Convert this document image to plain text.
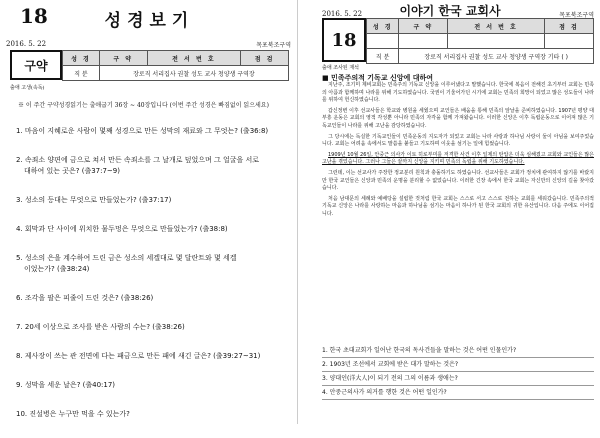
18	성경보기
2016. 5. 22	목포북조구역
구약	성 경	구 약	전 서 번 호	점 검
직 분	장로직 서리집사 권찰 성도 교사 청양생 구역장		
출애 고생(속독)
※ 이 주간 구약성경읽기는 출애굽기 36장 ~ 40장입니다 (이번 주간 성경은 빠짐없이 읽으세요)
1. 마음이 지혜로운 사람이 몇째 성경으로 만든 성막의 재료와 그 무엇는? (출36:8)
2. 속죄소 양편에 금으로 쳐서 만든 속죄소를 그 날개로 덮었으며 그 얼굴을 서로
대하여 있는 곳은? (출37:7~9)
3. 성소의 등대는 무엇으로 만들었는가? (출37:17)
4. 회막과 단 사이에 위치한 물두멍은 무엇으로 만들었는가? (출38:8)
5. 성소의 은을 계수하여 드린 금은 성소의 세겔대로 몇 달란트와 몇 세겔
이었는가? (출38:24)
6. 조각을 팔은 피줄이 드린 것은? (출38:26)
7. 20세 이상으로 조사를 받은 사람의 수는? (출38:26)
8. 제사장이 쓰는 관 전면에 다는 패금으로 만든 패에 새긴 글은? (출39:27~31)
9. 성막을 세운 날은? (출40:17)
10. 진설병은 누구만 먹을 수 있는가?
이야기 한국 교회사
2016. 5. 22	목포북조구역
18
성 경	구 약	전 서 번 호	점 검

직 분	장로직 서리집사 권찰 성도 교사 청양생 구역장 기타 ( )		
출애 조사된 재석
■ 민족주의적 기독교 신앙에 대하여

지난주, 조기미 제비교회는 민족주의 기독교 신앙을 이루어냈다고 말했습니다. 한국에 복음이 전해진 초기부터 교회는 민족의 아픔과 함께하며 나라를 위해 기도하였습니다. 국권이 기울어가던 시기에 교회는 민족의 희망이 되었고 많은 성도들이 나라를 위하여 헌신하였습니다.

갑신정변 이후 선교사들은 학교와 병원을 세웠으며 교인들은 배움을 통해 민족의 앞날을 준비하였습니다. 1907년 평양 대부흥 운동은 교회의 영적 각성뿐 아니라 민족의 자각을 함께 가져왔습니다. 이러한 신앙은 이후 독립운동으로 이어져 많은 기독교인들이 나라를 위해 고난을 감당하였습니다.

그 당시에는 독실한 기독교인들이 민족운동의 지도자가 되었고 교회는 나라 사랑과 하나님 사랑이 둘이 아님을 보여주었습니다. 교회는 어려움 속에서도 말씀을 붙들고 기도하며 이웃을 섬기는 일에 힘썼습니다.

1909년 10월 26일, 안중근 의사가 이토 히로부미를 저격한 사건 이후 일제의 탄압은 더욱 심해졌고 교회와 교인들은 많은 고난을 겪었습니다. 그러나 그들은 끝까지 신앙을 지키며 민족의 독립을 위해 기도하였습니다.

그런데, 이는 선교사가 주장한 정교분리 원칙과 충돌하기도 하였습니다. 선교사들은 교회가 정치에 관여하지 않기를 바랐지만 한국 교인들은 신앙과 민족의 운명을 분리할 수 없었습니다. 이러한 긴장 속에서 한국 교회는 자신만의 신앙의 길을 찾아갔습니다.

처음 남대문의 세례와 예배당을 설립한 것처럼 한국 교회는 스스로 서고 스스로 전하는 교회를 세워갔습니다. 민족주의적 기독교 신앙은 나라를 사랑하는 마음과 하나님을 섬기는 마음이 하나가 된 한국 교회의 귀한 유산입니다. 다음 주에도 이어집니다.

1. 한국 초대교회가 일어난 한국의 독사건들을 말하는 것은 어떤 인물인가?
2. 1903년 조선에서 교회에 받은 대가 말하는 것은?
3. 양대인(洋大人)이 되기 전의 그의 이름과 생애는?
4. 안중근의사가 의거를 행한 것은 어떤 일인가?
